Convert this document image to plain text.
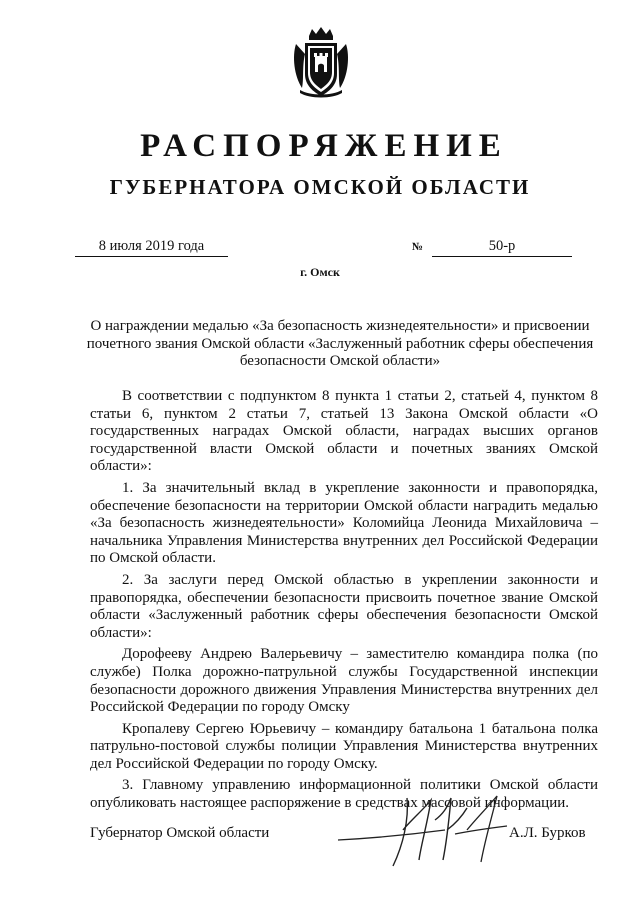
РАСПОРЯЖЕНИЕ
ГУБЕРНАТОРА ОМСКОЙ ОБЛАСТИ
8 июля 2019 года	№	50-р
г. Омск
О награждении медалью «За безопасность жизнедеятельности» и присвоении почетного звания Омской области «Заслуженный работник сферы обеспечения безопасности Омской области»

В соответствии с подпунктом 8 пункта 1 статьи 2, статьей 4, пунктом 8 статьи 6, пунктом 2 статьи 7, статьей 13 Закона Омской области «О государственных наградах Омской области, наградах высших органов государственной власти Омской области и почетных званиях Омской области»:

1. За значительный вклад в укрепление законности и правопорядка, обеспечение безопасности на территории Омской области наградить медалью «За безопасность жизнедеятельности» Коломийца Леонида Михайловича – начальника Управления Министерства внутренних дел Российской Федерации по Омской области.

2. За заслуги перед Омской областью в укреплении законности и правопорядка, обеспечении безопасности присвоить почетное звание Омской области «Заслуженный работник сферы обеспечения безопасности Омской области»:

Дорофееву Андрею Валерьевичу – заместителю командира полка (по службе) Полка дорожно-патрульной службы Государственной инспекции безопасности дорожного движения Управления Министерства внутренних дел Российской Федерации по городу Омску

Кропалеву Сергею Юрьевичу – командиру батальона 1 батальона полка патрульно-постовой службы полиции Управления Министерства внутренних дел Российской Федерации по городу Омску.

3. Главному управлению информационной политики Омской области опубликовать настоящее распоряжение в средствах массовой информации.

Губернатор Омской области	А.Л. Бурков
